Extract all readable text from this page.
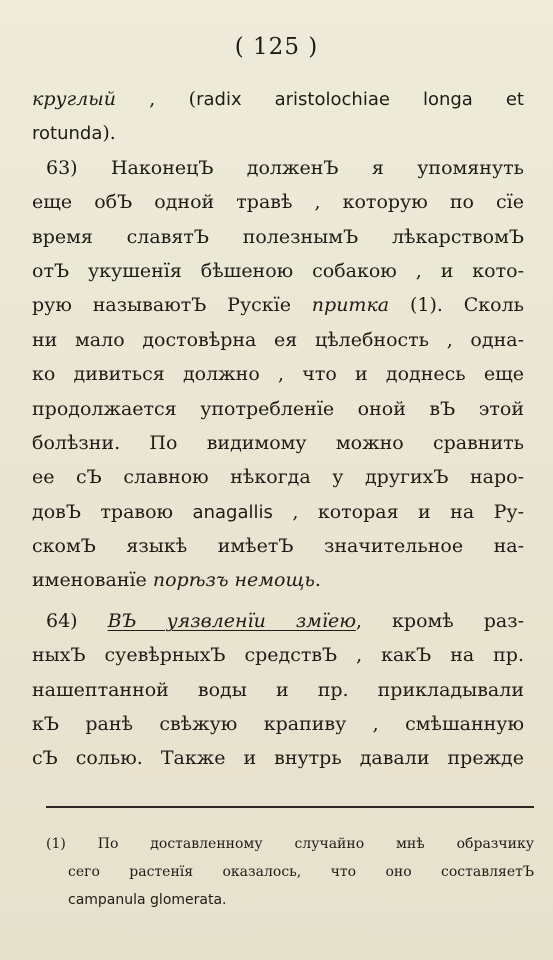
( 125 )
круглый , (radix aristolochiae longa et
rotunda).
63) НаконецЪ долженЪ я упомянуть
еще обЪ одной травѣ , которую по сїе
время славятЪ полезнымЪ лѣкарствомЪ
отЪ укушенїя бѣшеною собакою , и кото-
рую называютЪ Рускїе притка (1). Сколь
ни мало достовѣрна ея цѣлебность , одна-
ко дивиться должно , что и доднесь еще
продолжается употребленїе оной вЪ этой
болѣзни. По видимому можно сравнить
ее сЪ славною нѣкогда у другихЪ наро-
довЪ травою anagallis , которая и на Ру-
скомЪ языкѣ имѣетЪ значительное на-
именованїе порѣзъ немощь.
64) ВЪ уязвленїи змїею, кромѣ раз-
ныхЪ суевѣрныхЪ средствЪ , какЪ на пр.
нашептанной воды и пр. прикладывали
кЪ ранѣ свѣжую крапиву , смѣшанную
сЪ солью. Также и внутрь давали прежде
(1) По доставленному случайно мнѣ образчику
сего растенїя оказалось, что оно составляетЪ
campanula glomerata.
